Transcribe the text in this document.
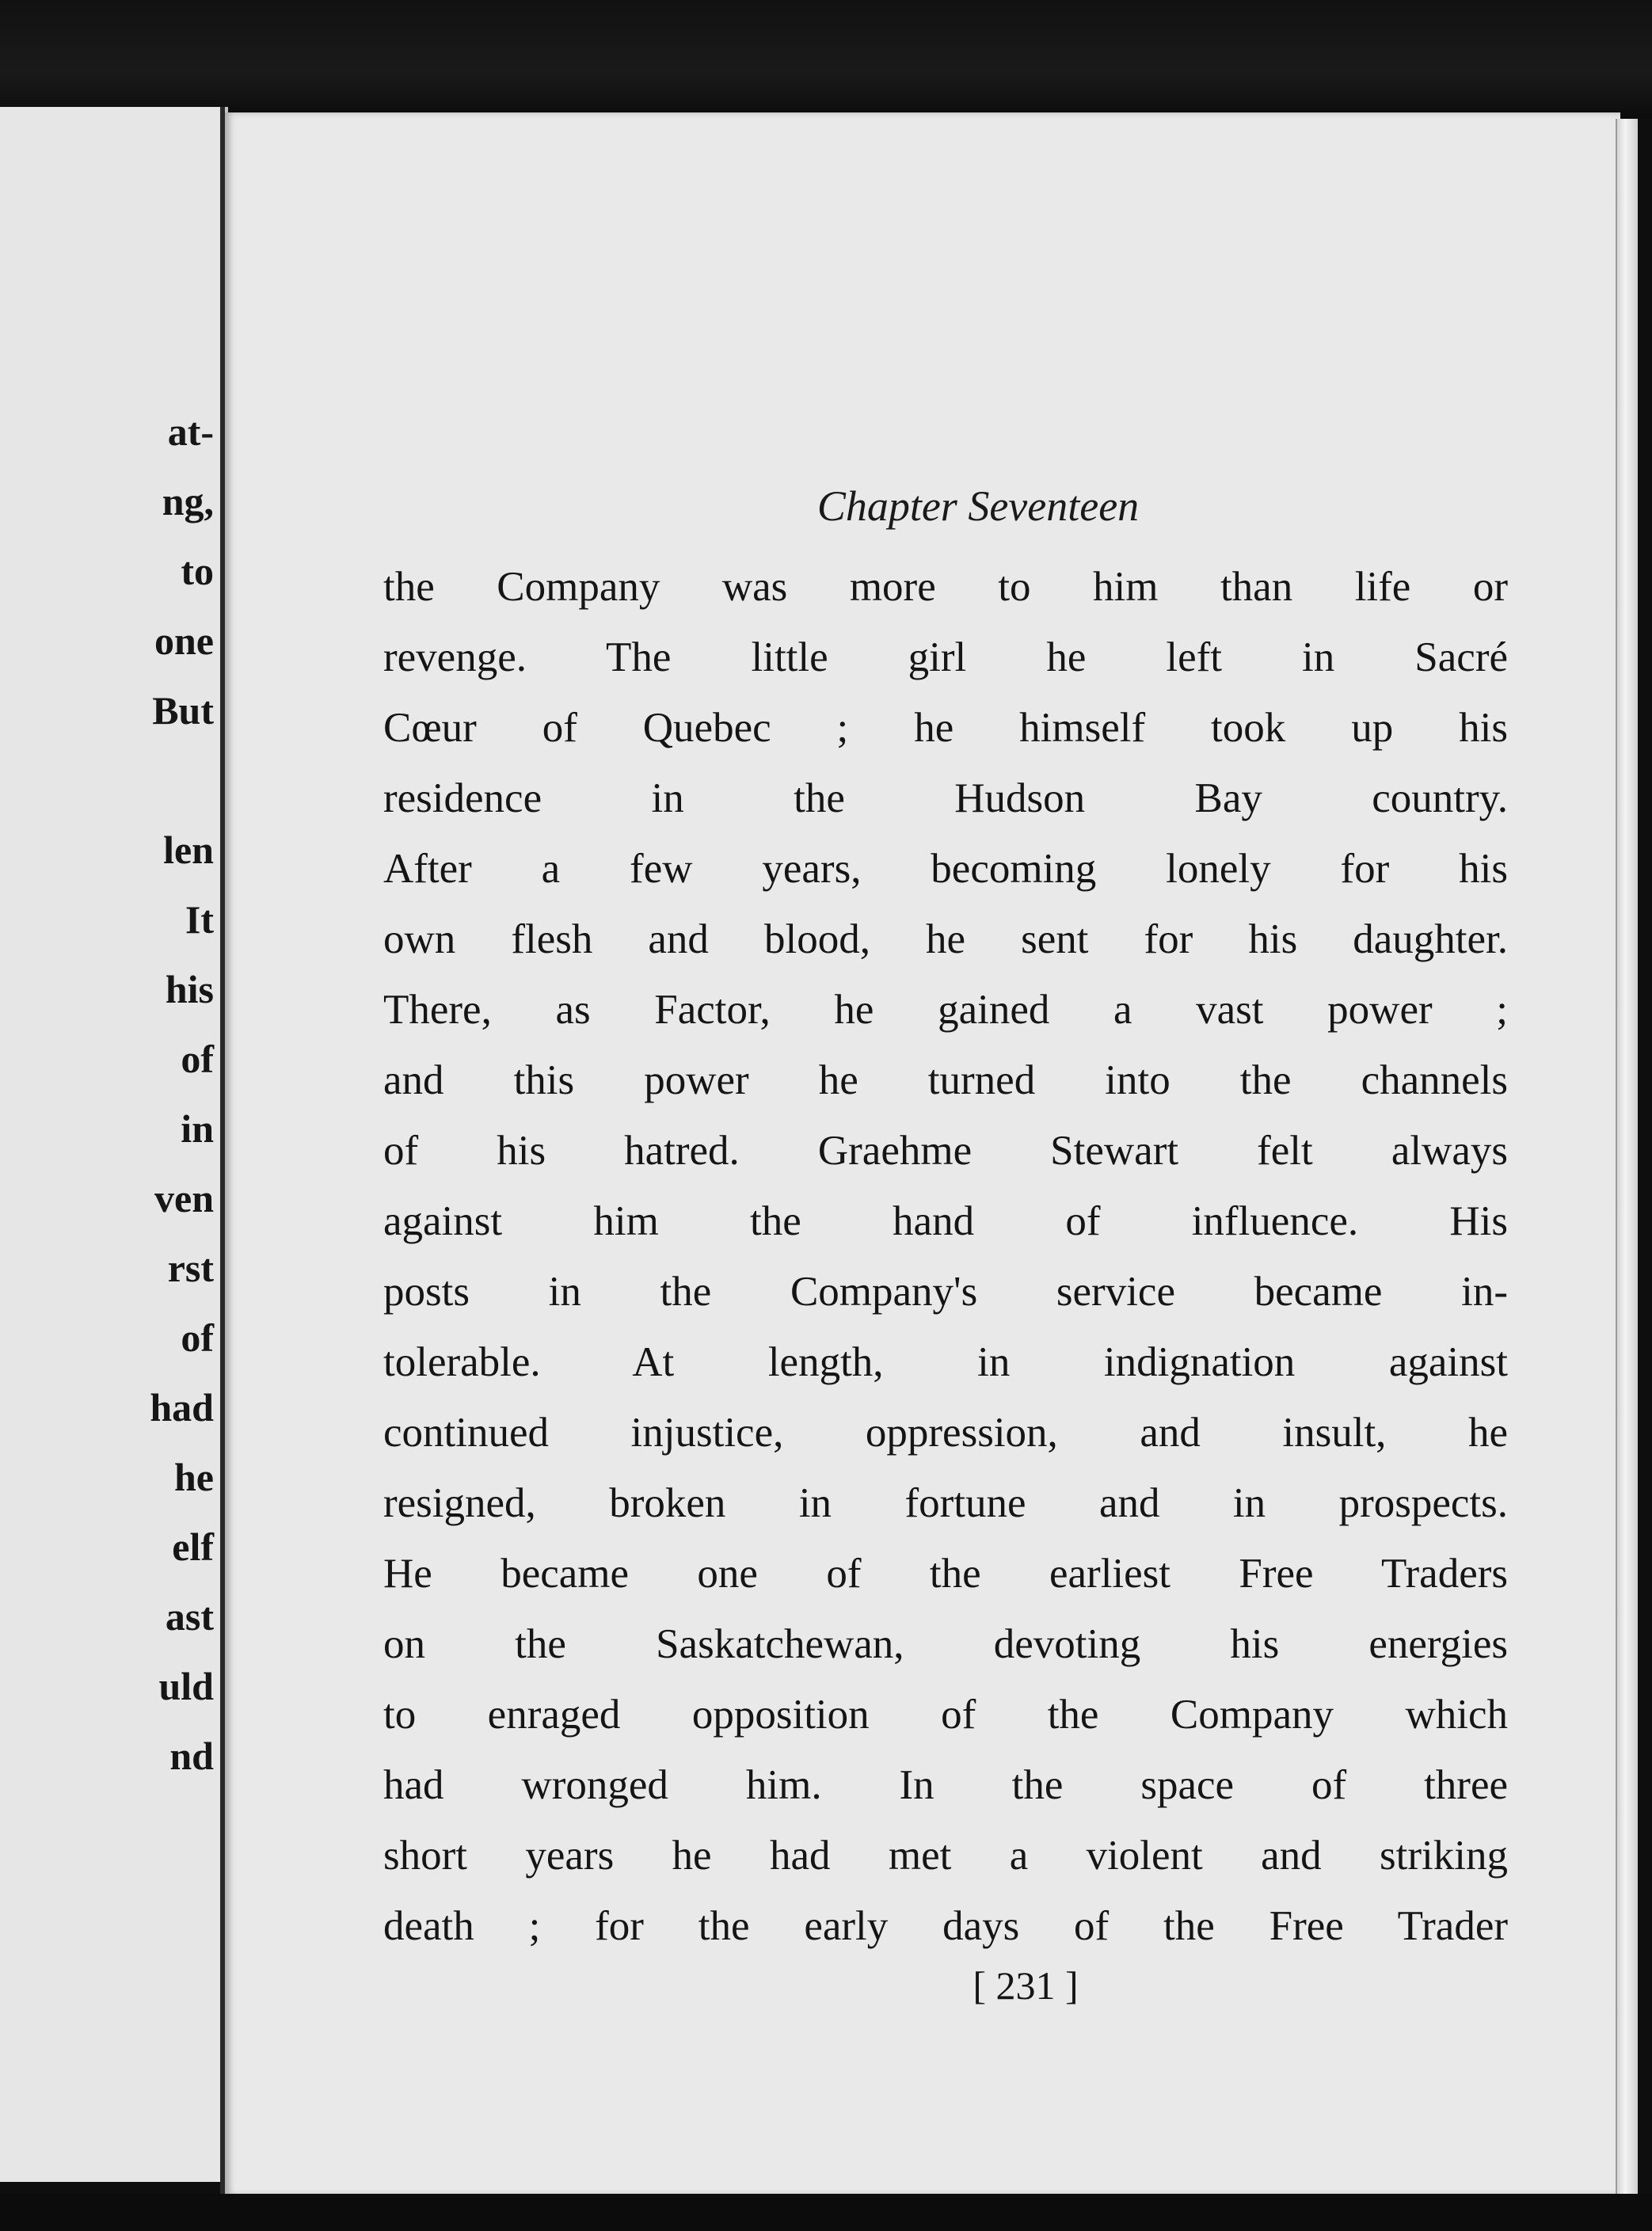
at-
ng,
to
one
But
len
It
his
of
in
ven
rst
of
had
he
elf
ast
uld
nd
Chapter Seventeen
the Company was more to him than life or
revenge. The little girl he left in Sacré
Cœur of Quebec ; he himself took up his
residence in the Hudson Bay country.
After a few years, becoming lonely for his
own flesh and blood, he sent for his daughter.
There, as Factor, he gained a vast power ;
and this power he turned into the channels
of his hatred. Graehme Stewart felt always
against him the hand of influence. His
posts in the Company's service became in-
tolerable. At length, in indignation against
continued injustice, oppression, and insult, he
resigned, broken in fortune and in prospects.
He became one of the earliest Free Traders
on the Saskatchewan, devoting his energies
to enraged opposition of the Company which
had wronged him. In the space of three
short years he had met a violent and striking
death ; for the early days of the Free Trader
[ 231 ]
